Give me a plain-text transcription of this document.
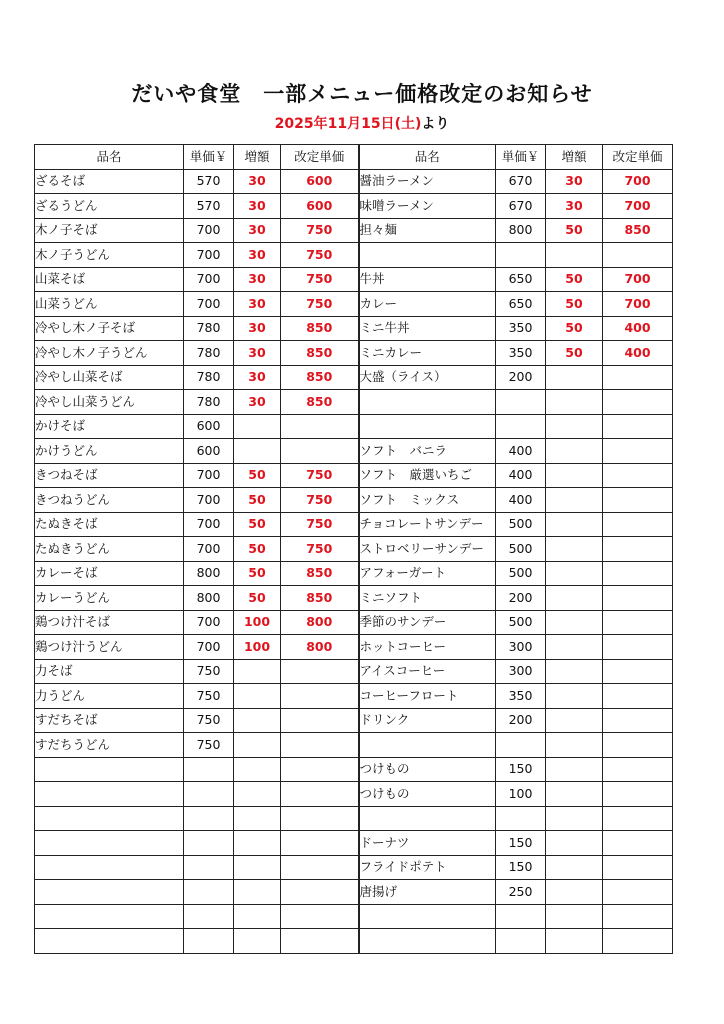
だいや食堂　一部メニュー価格改定のお知らせ
2025年11月15日(土)より
品名	単価￥	増額	改定単価	品名	単価￥	増額	改定単価
ざるそば	570	30	600	醤油ラーメン	670	30	700
ざるうどん	570	30	600	味噌ラーメン	670	30	700
木ノ子そば	700	30	750	担々麺	800	50	850
木ノ子うどん	700	30	750				
山菜そば	700	30	750	牛丼	650	50	700
山菜うどん	700	30	750	カレー	650	50	700
冷やし木ノ子そば	780	30	850	ミニ牛丼	350	50	400
冷やし木ノ子うどん	780	30	850	ミニカレー	350	50	400
冷やし山菜そば	780	30	850	大盛（ライス）	200		
冷やし山菜うどん	780	30	850				
かけそば	600						
かけうどん	600			ソフト　バニラ	400		
きつねそば	700	50	750	ソフト　厳選いちご	400		
きつねうどん	700	50	750	ソフト　ミックス	400		
たぬきそば	700	50	750	チョコレートサンデー	500		
たぬきうどん	700	50	750	ストロベリーサンデー	500		
カレーそば	800	50	850	アフォーガート	500		
カレーうどん	800	50	850	ミニソフト	200		
鶏つけ汁そば	700	100	800	季節のサンデー	500		
鶏つけ汁うどん	700	100	800	ホットコーヒー	300		
力そば	750			アイスコーヒー	300		
力うどん	750			コーヒーフロート	350		
すだちそば	750			ドリンク	200		
すだちうどん	750						
				つけもの	150		
				つけもの	100		

				ドーナツ	150		
				フライドポテト	150		
				唐揚げ	250		
